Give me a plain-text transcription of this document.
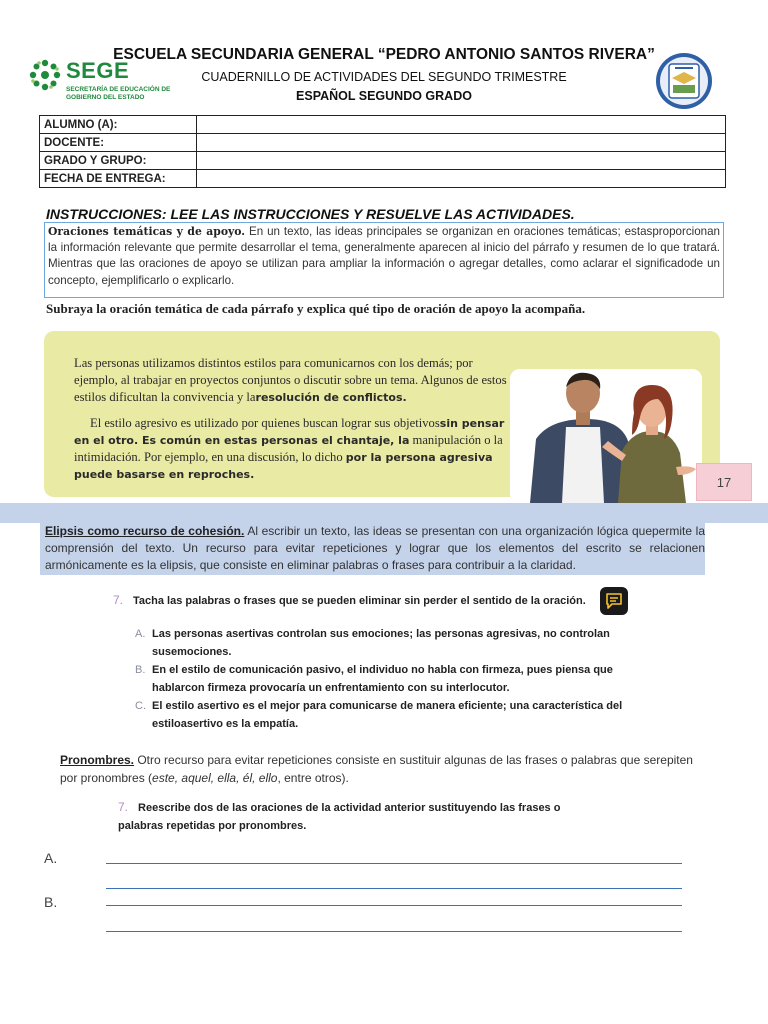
SEGE
SECRETARÍA DE EDUCACIÓN DE GOBIERNO DEL ESTADO
ESCUELA SECUNDARIA GENERAL “PEDRO ANTONIO SANTOS RIVERA”
CUADERNILLO DE ACTIVIDADES DEL SEGUNDO TRIMESTRE
ESPAÑOL SEGUNDO GRADO
ALUMNO (A):	
DOCENTE:	
GRADO Y GRUPO:	
FECHA DE ENTREGA:	
INSTRUCCIONES: LEE LAS INSTRUCCIONES Y RESUELVE LAS ACTIVIDADES.
Oraciones temáticas y de apoyo. En un texto, las ideas principales se organizan en oraciones temáticas; estasproporcionan la información relevante que permite desarrollar el tema, generalmente aparecen al inicio del párrafo y resumen de lo que tratará. Mientras que las oraciones de apoyo se utilizan para ampliar la información o agregar detalles, como aclarar el significadode un concepto, ejemplificarlo o explicarlo.
Subraya la oración temática de cada párrafo y explica qué tipo de oración de apoyo la acompaña.

Las personas utilizamos distintos estilos para comunicarnos con los demás; por ejemplo, al trabajar en proyectos conjuntos o discutir sobre un tema. Algunos de estos estilos dificultan la convivencia y laresolución de conflictos.

El estilo agresivo es utilizado por quienes buscan lograr sus objetivossin pensar en el otro. Es común en estas personas el chantaje, la manipulación o la intimidación. Por ejemplo, en una discusión, lo dicho por la persona agresiva puede basarse en reproches.	17
Elipsis como recurso de cohesión. Al escribir un texto, las ideas se presentan con una organización lógica quepermite la comprensión del texto. Un recurso para evitar repeticiones y lograr que los elementos del escrito se relacionen armónicamente es la elipsis, que consiste en eliminar palabras o frases para contribuir a la claridad.
7. Tacha las palabras o frases que se pueden eliminar sin perder el sentido de la oración.
A. Las personas asertivas controlan sus emociones; las personas agresivas, no controlan susemociones.
B. En el estilo de comunicación pasivo, el individuo no habla con firmeza, pues piensa que hablarcon firmeza provocaría un enfrentamiento con su interlocutor.
C. El estilo asertivo es el mejor para comunicarse de manera eficiente; una característica del estiloasertivo es la empatía.
Pronombres. Otro recurso para evitar repeticiones consiste en sustituir algunas de las frases o palabras que serepiten por pronombres (este, aquel, ella, él, ello, entre otros).
7. Reescribe dos de las oraciones de la actividad anterior sustituyendo las frases o palabras repetidas por pronombres.
A.
B.
